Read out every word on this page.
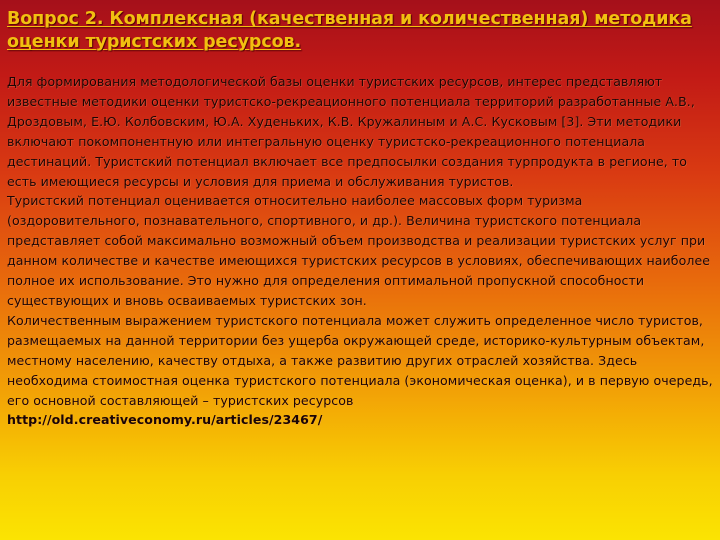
Вопрос 2. Комплексная (качественная и количественная) методика оценки туристских ресурсов.

Для формирования методологической базы оценки туристских ресурсов, интерес представляют известные методики оценки туристско-рекреационного потенциала территорий разработанные А.В., Дроздовым, Е.Ю. Колбовским, Ю.А. Худеньких, К.В. Кружалиным и А.С. Кусковым [3]. Эти методики включают покомпонентную или интегральную оценку туристско-рекреационного потенциала дестинаций. Туристский потенциал включает все предпосылки создания турпродукта в регионе, то есть имеющиеся ресурсы и условия для приема и обслуживания туристов.

Туристский потенциал оценивается относительно наиболее массовых форм туризма (оздоровительного, познавательного, спортивного, и др.). Величина туристского потенциала представляет собой максимально возможный объем производства и реализации туристских услуг при данном количестве и качестве имеющихся туристских ресурсов в условиях, обеспечивающих наиболее полное их использование. Это нужно для определения оптимальной пропускной способности существующих и вновь осваиваемых туристских зон.

Количественным выражением туристского потенциала может служить определенное число туристов, размещаемых на данной территории без ущерба окружающей среде, историко-культурным объектам, местному населению, качеству отдыха, а также развитию других отраслей хозяйства. Здесь необходима стоимостная оценка туристского потенциала (экономическая оценка), и в первую очередь, его основной составляющей – туристских ресурсов

http://old.creativeconomy.ru/articles/23467/
